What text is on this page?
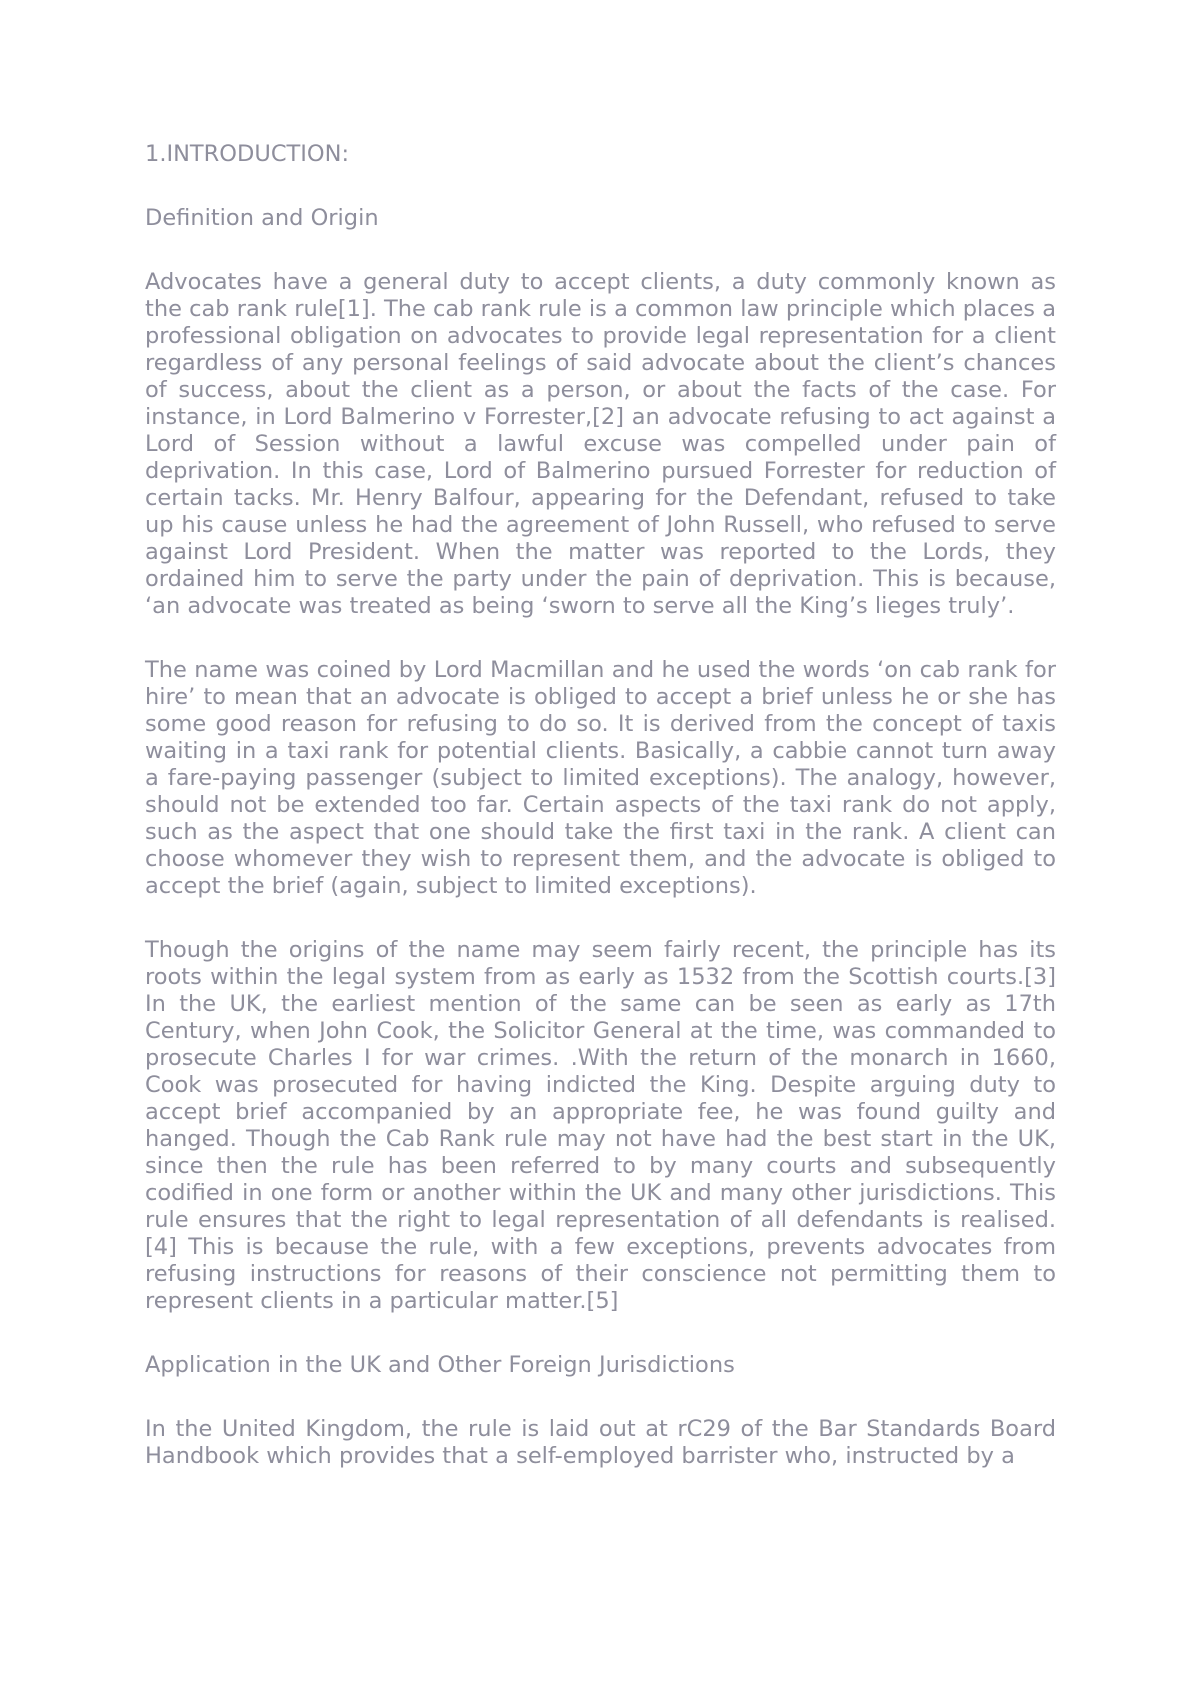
1.INTRODUCTION:
Definition and Origin

Advocates have a general duty to accept clients, a duty commonly known as the cab rank rule[1]. The cab rank rule is a common law principle which places a professional obligation on advocates to provide legal representation for a client regardless of any personal feelings of said advocate about the client’s chances of success, about the client as a person, or about the facts of the case. For instance, in Lord Balmerino v Forrester,[2] an advocate refusing to act against a Lord of Session without a lawful excuse was compelled under pain of deprivation. In this case, Lord of Balmerino pursued Forrester for reduction of certain tacks. Mr. Henry Balfour, appearing for the Defendant, refused to take up his cause unless he had the agreement of John Russell, who refused to serve against Lord President. When the matter was reported to the Lords, they ordained him to serve the party under the pain of deprivation. This is because, ‘an advocate was treated as being ‘sworn to serve all the King’s lieges truly’.

The name was coined by Lord Macmillan and he used the words ‘on cab rank for hire’ to mean that an advocate is obliged to accept a brief unless he or she has some good reason for refusing to do so. It is derived from the concept of taxis waiting in a taxi rank for potential clients. Basically, a cabbie cannot turn away a fare-paying passenger (subject to limited exceptions). The analogy, however, should not be extended too far. Certain aspects of the taxi rank do not apply, such as the aspect that one should take the first taxi in the rank. A client can choose whomever they wish to represent them, and the advocate is obliged to accept the brief (again, subject to limited exceptions).

Though the origins of the name may seem fairly recent, the principle has its roots within the legal system from as early as 1532 from the Scottish courts.[3] In the UK, the earliest mention of the same can be seen as early as 17th Century, when John Cook, the Solicitor General at the time, was commanded to prosecute Charles I for war crimes. .With the return of the monarch in 1660, Cook was prosecuted for having indicted the King. Despite arguing duty to accept brief accompanied by an appropriate fee, he was found guilty and hanged. Though the Cab Rank rule may not have had the best start in the UK, since then the rule has been referred to by many courts and subsequently codified in one form or another within the UK and many other jurisdictions. This rule ensures that the right to legal representation of all defendants is realised.[4] This is because the rule, with a few exceptions, prevents advocates from refusing instructions for reasons of their conscience not permitting them to represent clients in a particular matter.[5]

Application in the UK and Other Foreign Jurisdictions

In the United Kingdom, the rule is laid out at rC29 of the Bar Standards Board Handbook which provides that a self-employed barrister who, instructed by a
